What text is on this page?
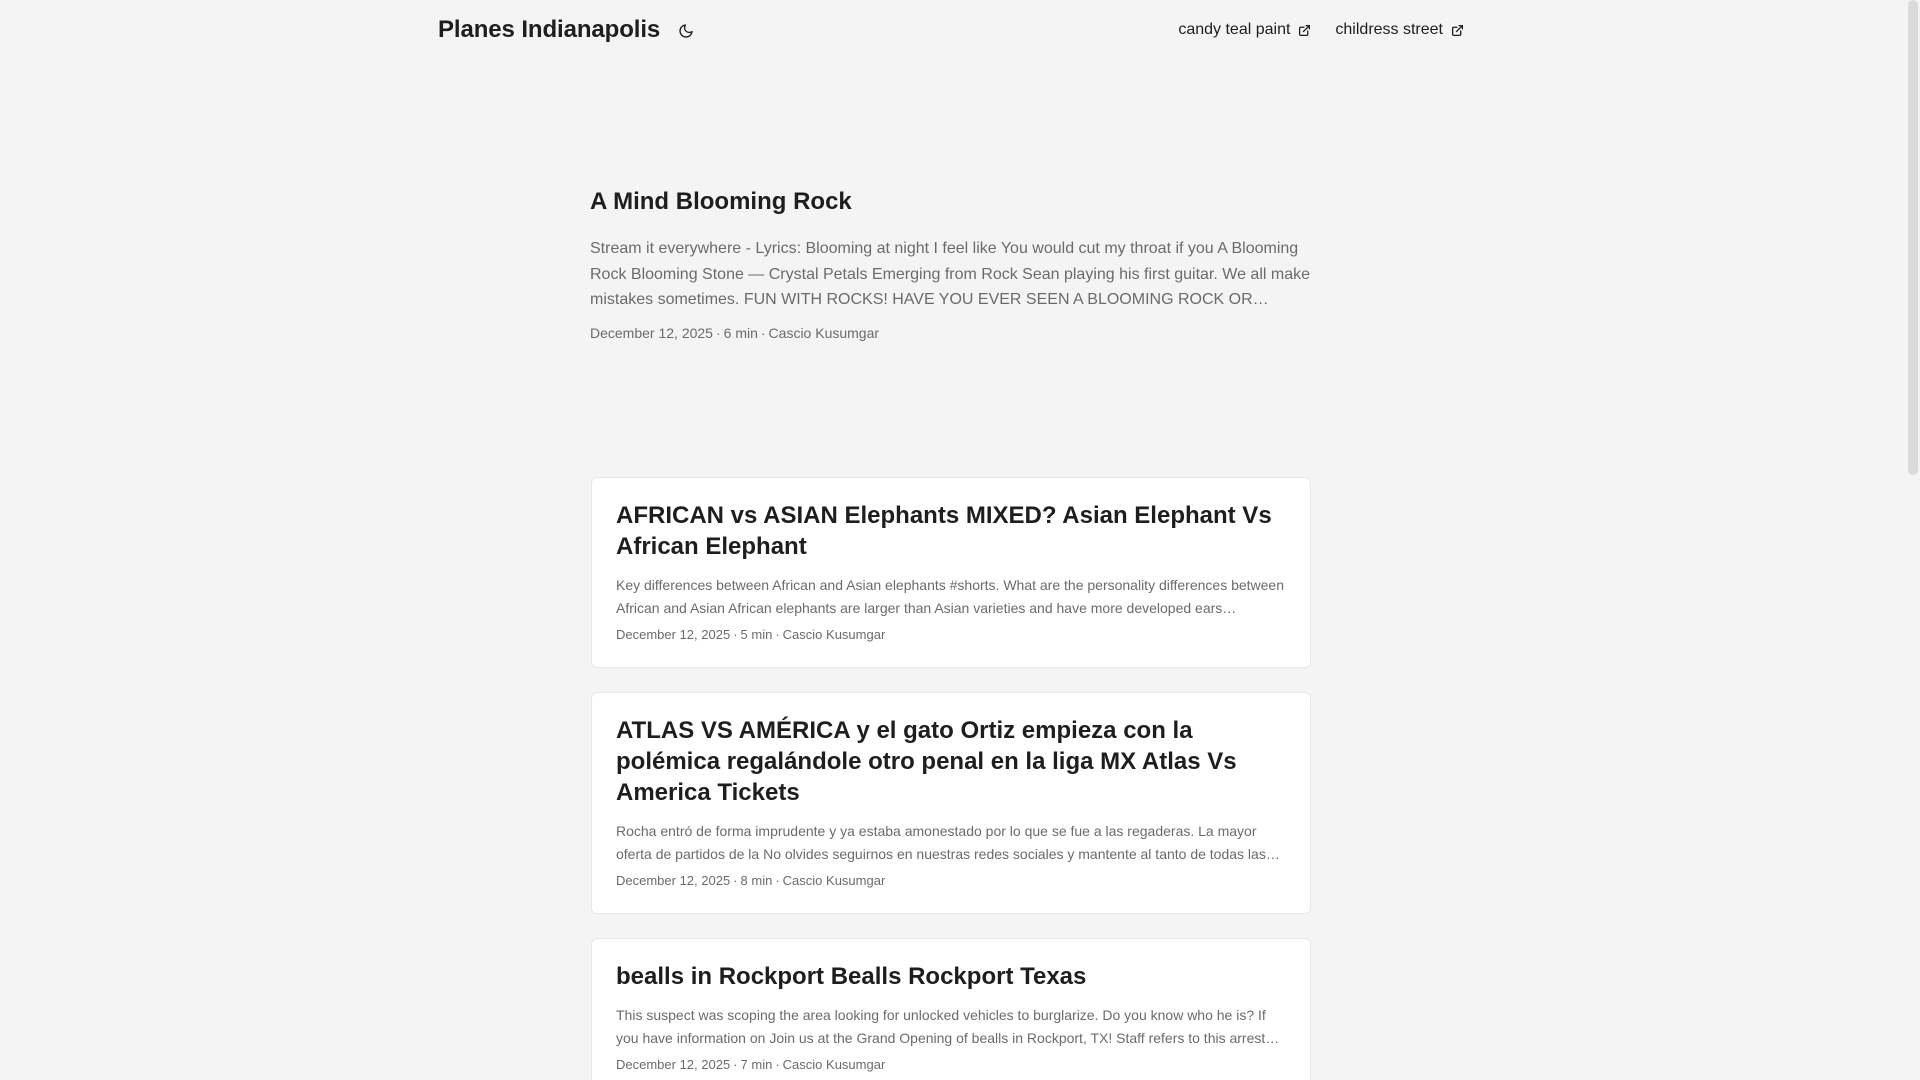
Planes Indianapolis	candy teal paint	childress street
A Mind Blooming Rock

Stream it everywhere - Lyrics: Blooming at night I feel like You would cut my throat if you A Blooming Rock Blooming Stone — Crystal Petals Emerging from Rock Sean playing his first guitar. We all make mistakes sometimes. FUN WITH ROCKS! HAVE YOU EVER SEEN A BLOOMING ROCK OR

December 12, 2025 · 6 min · Cascio Kusumgar
AFRICAN vs ASIAN Elephants MIXED? Asian Elephant Vs African Elephant

Key differences between African and Asian elephants #shorts. What are the personality differences between African and Asian African elephants are larger than Asian varieties and have more developed ears…

December 12, 2025 · 5 min · Cascio Kusumgar
ATLAS VS AMÉRICA y el gato Ortiz empieza con la polémica regalándole otro penal en la liga MX Atlas Vs America Tickets

Rocha entró de forma imprudente y ya estaba amonestado por lo que se fue a las regaderas. La mayor oferta de partidos de la No olvides seguirnos en nuestras redes sociales y mantente al tanto de todas las…

December 12, 2025 · 8 min · Cascio Kusumgar
bealls in Rockport Bealls Rockport Texas

This suspect was scoping the area looking for unlocked vehicles to burglarize. Do you know who he is? If you have information on Join us at the Grand Opening of bealls in Rockport, TX! Staff refers to this arrest

December 12, 2025 · 7 min · Cascio Kusumgar
